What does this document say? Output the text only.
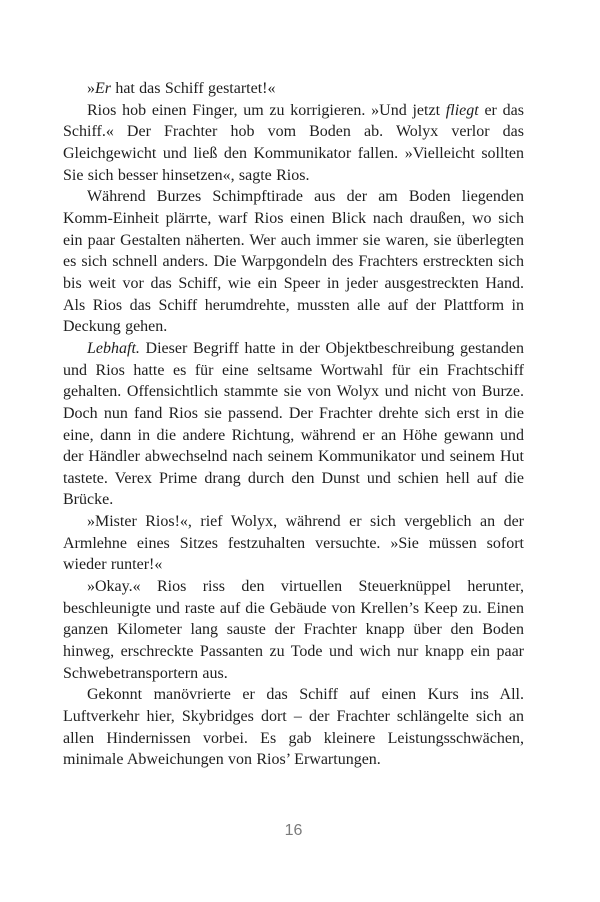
»Er hat das Schiff gestartet!«

Rios hob einen Finger, um zu korrigieren. »Und jetzt fliegt er das Schiff.« Der Frachter hob vom Boden ab. Wolyx verlor das Gleichgewicht und ließ den Kommunikator fallen. »Vielleicht sollten Sie sich besser hinsetzen«, sagte Rios.

Während Burzes Schimpftirade aus der am Boden liegenden Komm-Einheit plärrte, warf Rios einen Blick nach draußen, wo sich ein paar Gestalten näherten. Wer auch immer sie waren, sie überlegten es sich schnell anders. Die Warpgondeln des Frachters erstreckten sich bis weit vor das Schiff, wie ein Speer in jeder ausgestreckten Hand. Als Rios das Schiff herumdrehte, mussten alle auf der Plattform in Deckung gehen.

Lebhaft. Dieser Begriff hatte in der Objektbeschreibung gestanden und Rios hatte es für eine seltsame Wortwahl für ein Frachtschiff gehalten. Offensichtlich stammte sie von Wolyx und nicht von Burze. Doch nun fand Rios sie passend. Der Frachter drehte sich erst in die eine, dann in die andere Richtung, während er an Höhe gewann und der Händler abwechselnd nach seinem Kommunikator und seinem Hut tastete. Verex Prime drang durch den Dunst und schien hell auf die Brücke.

»Mister Rios!«, rief Wolyx, während er sich vergeblich an der Armlehne eines Sitzes festzuhalten versuchte. »Sie müssen sofort wieder runter!«

»Okay.« Rios riss den virtuellen Steuerknüppel herunter, beschleunigte und raste auf die Gebäude von Krellen’s Keep zu. Einen ganzen Kilometer lang sauste der Frachter knapp über den Boden hinweg, erschreckte Passanten zu Tode und wich nur knapp ein paar Schwebetransportern aus.

Gekonnt manövrierte er das Schiff auf einen Kurs ins All. Luftverkehr hier, Skybridges dort – der Frachter schlängelte sich an allen Hindernissen vorbei. Es gab kleinere Leistungsschwächen, minimale Abweichungen von Rios’ Erwartungen.

16
